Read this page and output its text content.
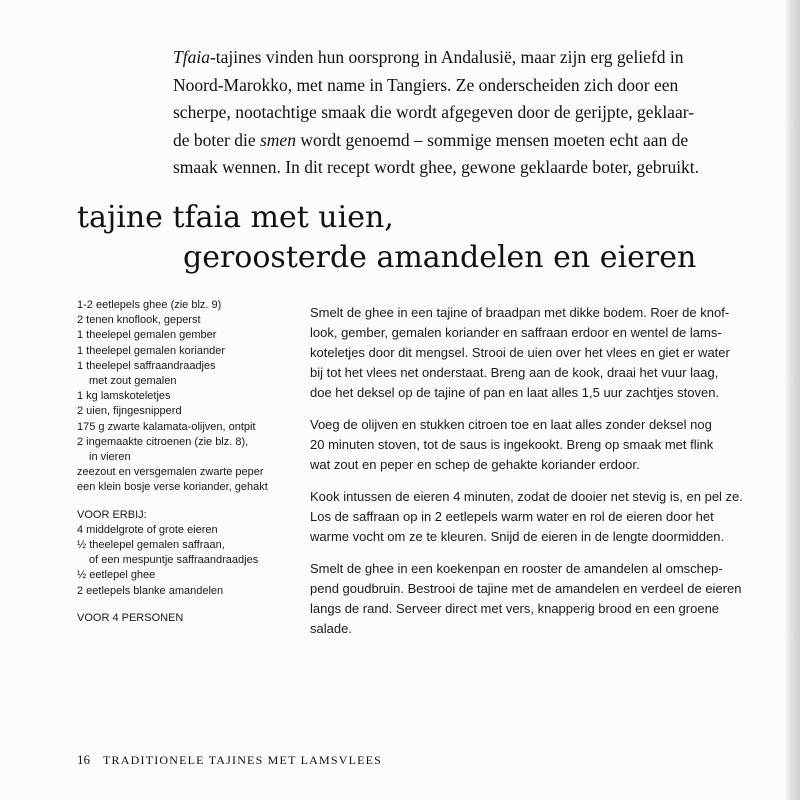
Tfaia-tajines vinden hun oorsprong in Andalusië, maar zijn erg geliefd in
Noord-Marokko, met name in Tangiers. Ze onderscheiden zich door een
scherpe, nootachtige smaak die wordt afgegeven door de gerijpte, geklaar-
de boter die smen wordt genoemd – sommige mensen moeten echt aan de
smaak wennen. In dit recept wordt ghee, gewone geklaarde boter, gebruikt.
tajine tfaia met uien,
geroosterde amandelen en eieren
1-2 eetlepels ghee (zie blz. 9)
2 tenen knoflook, geperst
1 theelepel gemalen gember
1 theelepel gemalen koriander
1 theelepel saffraandraadjes
met zout gemalen
1 kg lamskoteletjes
2 uien, fijngesnipperd
175 g zwarte kalamata-olijven, ontpit
2 ingemaakte citroenen (zie blz. 8),
in vieren
zeezout en versgemalen zwarte peper
een klein bosje verse koriander, gehakt
VOOR ERBIJ:
4 middelgrote of grote eieren
½ theelepel gemalen saffraan,
of een mespuntje saffraandraadjes
½ eetlepel ghee
2 eetlepels blanke amandelen
VOOR 4 PERSONEN

Smelt de ghee in een tajine of braadpan met dikke bodem. Roer de knof-
look, gember, gemalen koriander en saffraan erdoor en wentel de lams-
koteletjes door dit mengsel. Strooi de uien over het vlees en giet er water
bij tot het vlees net onderstaat. Breng aan de kook, draai het vuur laag,
doe het deksel op de tajine of pan en laat alles 1,5 uur zachtjes stoven.

Voeg de olijven en stukken citroen toe en laat alles zonder deksel nog
20 minuten stoven, tot de saus is ingekookt. Breng op smaak met flink
wat zout en peper en schep de gehakte koriander erdoor.

Kook intussen de eieren 4 minuten, zodat de dooier net stevig is, en pel ze.
Los de saffraan op in 2 eetlepels warm water en rol de eieren door het
warme vocht om ze te kleuren. Snijd de eieren in de lengte doormidden.

Smelt de ghee in een koekenpan en rooster de amandelen al omschep-
pend goudbruin. Bestrooi de tajine met de amandelen en verdeel de eieren
langs de rand. Serveer direct met vers, knapperig brood en een groene
salade.

16 TRADITIONELE TAJINES MET LAMSVLEES
